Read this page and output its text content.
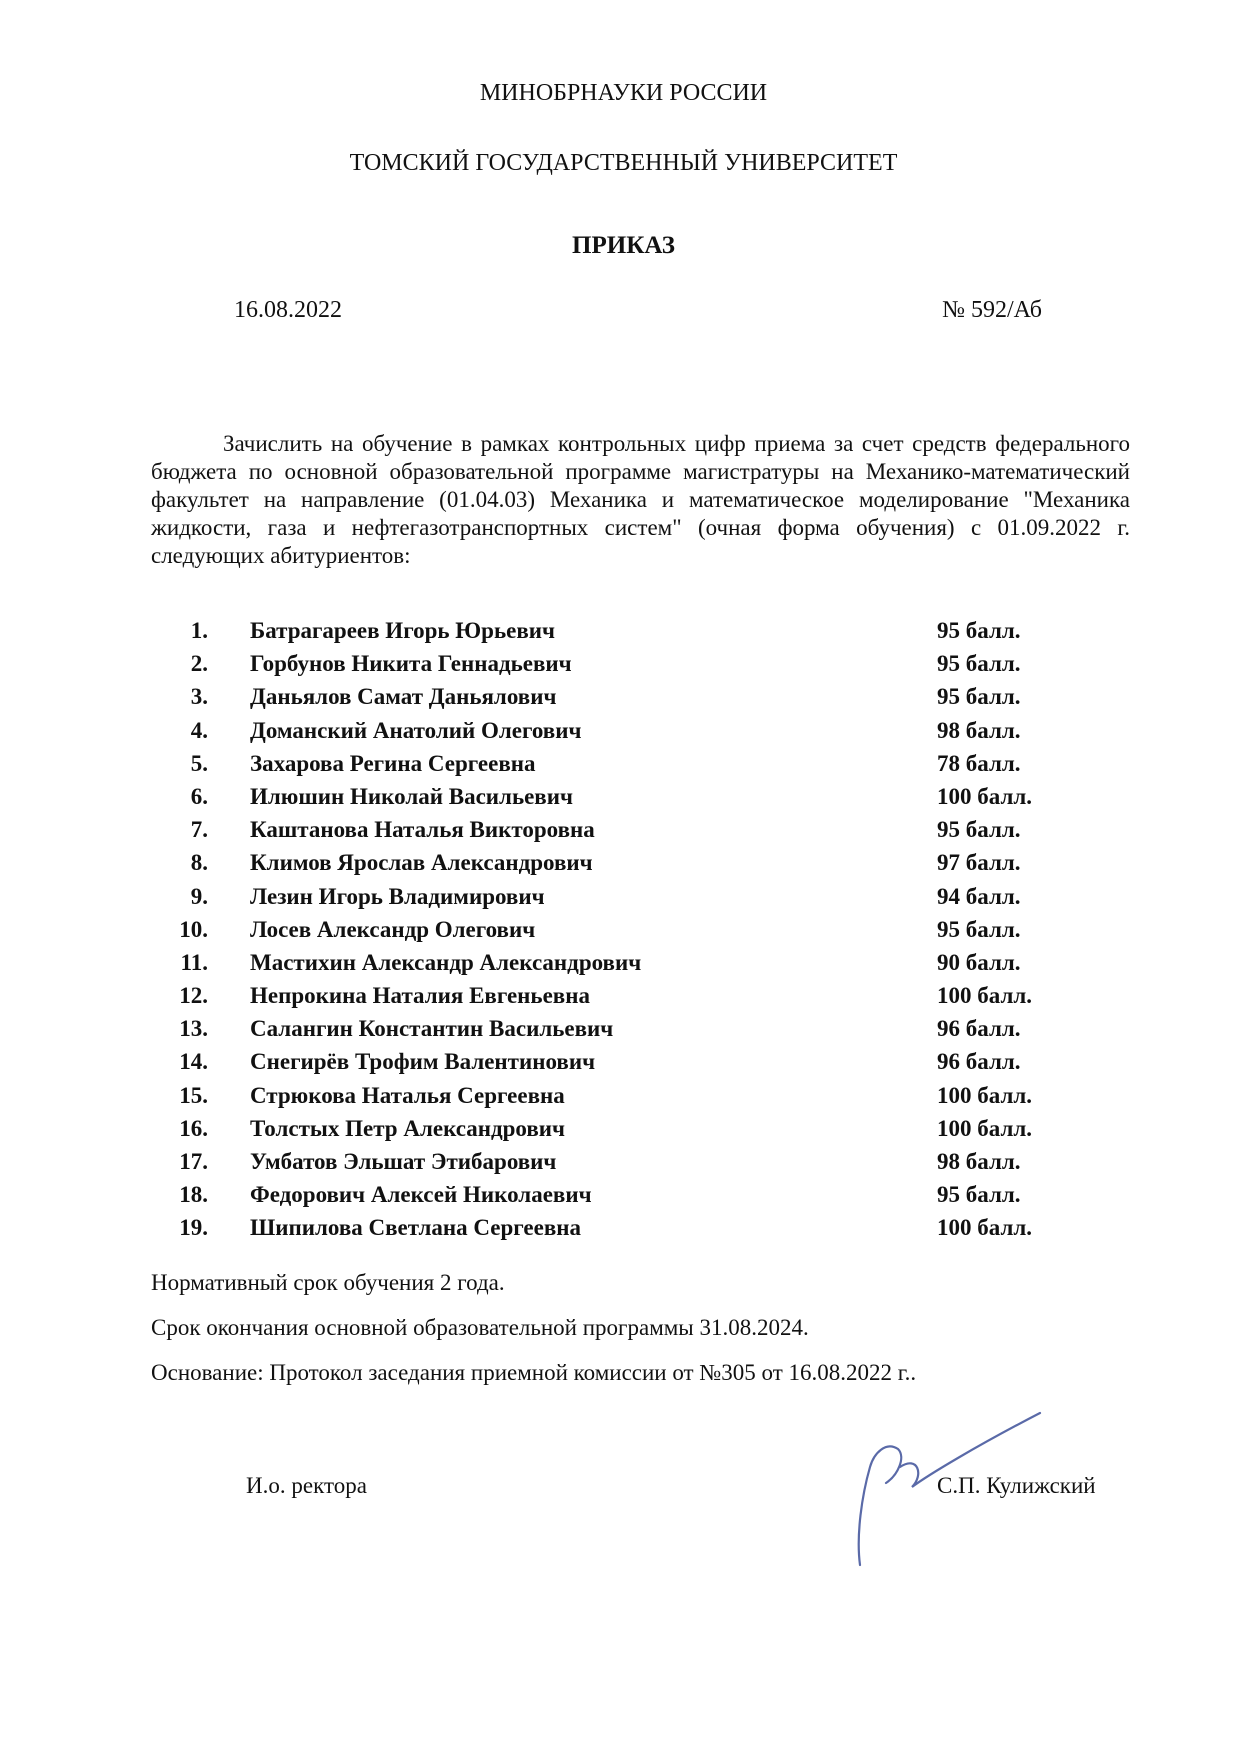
МИНОБРНАУКИ РОССИИ
ТОМСКИЙ ГОСУДАРСТВЕННЫЙ УНИВЕРСИТЕТ
ПРИКАЗ
16.08.2022	№ 592/Аб
Зачислить на обучение в рамках контрольных цифр приема за счет средств федерального бюджета по основной образовательной программе магистратуры на Механико-математический факультет на направление (01.04.03) Механика и математическое моделирование "Механика жидкости, газа и нефтегазотранспортных систем" (очная форма обучения) с 01.09.2022 г. следующих абитуриентов:
1. Батрагареев Игорь Юрьевич	95 балл.
2. Горбунов Никита Геннадьевич	95 балл.
3. Даньялов Самат Даньялович	95 балл.
4. Доманский Анатолий Олегович	98 балл.
5. Захарова Регина Сергеевна	78 балл.
6. Илюшин Николай Васильевич	100 балл.
7. Каштанова Наталья Викторовна	95 балл.
8. Климов Ярослав Александрович	97 балл.
9. Лезин Игорь Владимирович	94 балл.
10. Лосев Александр Олегович	95 балл.
11. Мастихин Александр Александрович	90 балл.
12. Непрокина Наталия Евгеньевна	100 балл.
13. Салангин Константин Васильевич	96 балл.
14. Снегирёв Трофим Валентинович	96 балл.
15. Стрюкова Наталья Сергеевна	100 балл.
16. Толстых Петр Александрович	100 балл.
17. Умбатов Эльшат Этибарович	98 балл.
18. Федорович Алексей Николаевич	95 балл.
19. Шипилова Светлана Сергеевна	100 балл.
Нормативный срок обучения 2 года.
Срок окончания основной образовательной программы 31.08.2024.
Основание: Протокол заседания приемной комиссии от №305 от 16.08.2022 г..
И.о. ректора	С.П. Кулижский
